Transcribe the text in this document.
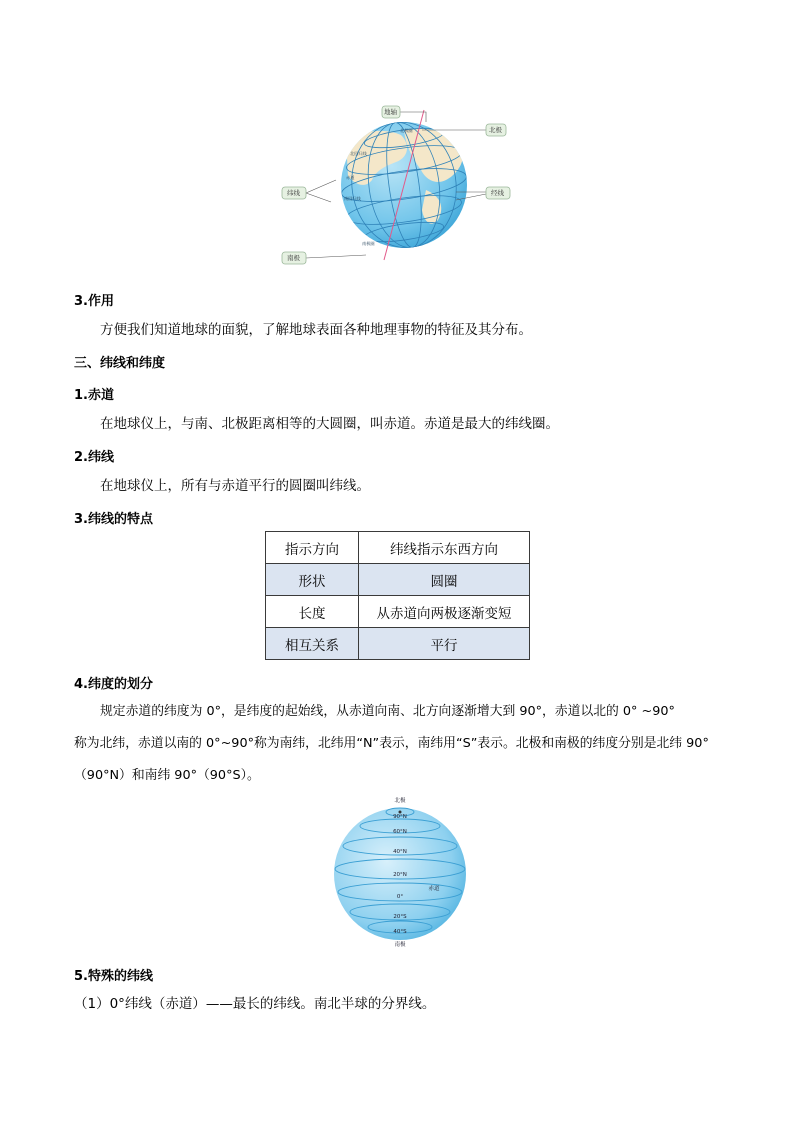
地轴
北极
纬线	经线
南极
北极圈
北回归线
赤道
南回归线
南极圈
3.作用
方便我们知道地球的面貌，了解地球表面各种地理事物的特征及其分布。
三、纬线和纬度
1.赤道
在地球仪上，与南、北极距离相等的大圆圈，叫赤道。赤道是最大的纬线圈。
2.纬线
在地球仪上，所有与赤道平行的圆圈叫纬线。
3.纬线的特点
指示方向	纬线指示东西方向
形状	圆圈
长度	从赤道向两极逐渐变短
相互关系	平行
4.纬度的划分
规定赤道的纬度为 0°，是纬度的起始线，从赤道向南、北方向逐渐增大到 90°，赤道以北的 0° ~90°
称为北纬，赤道以南的 0°~90°称为南纬，北纬用“N”表示，南纬用“S”表示。北极和南极的纬度分别是北纬 90°
（90°N）和南纬 90°（90°S）。
北极
90°N
60°N
40°N
20°N
0°
20°S
40°S
南极
赤道
5.特殊的纬线
（1）0°纬线（赤道）——最长的纬线。南北半球的分界线。
